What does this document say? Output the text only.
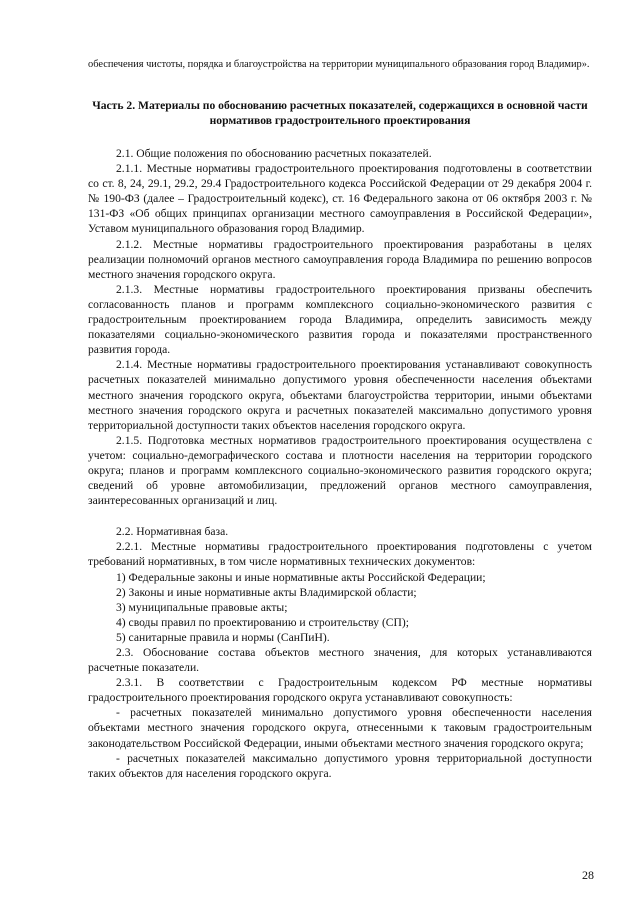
обеспечения чистоты, порядка и благоустройства на территории муниципального образования город Владимир».

Часть 2. Материалы по обоснованию расчетных показателей, содержащихся в основной части нормативов градостроительного проектирования

2.1. Общие положения по обоснованию расчетных показателей.

2.1.1. Местные нормативы градостроительного проектирования подготовлены в соответствии со ст. 8, 24, 29.1, 29.2, 29.4 Градостроительного кодекса Российской Федерации от 29 декабря 2004 г. № 190-ФЗ (далее – Градостроительный кодекс), ст. 16 Федерального закона от 06 октября 2003 г. № 131-ФЗ «Об общих принципах организации местного самоуправления в Российской Федерации», Уставом муниципального образования город Владимир.

2.1.2. Местные нормативы градостроительного проектирования разработаны в целях реализации полномочий органов местного самоуправления города Владимира по решению вопросов местного значения городского округа.

2.1.3. Местные нормативы градостроительного проектирования призваны обеспечить согласованность планов и программ комплексного социально-экономического развития с градостроительным проектированием города Владимира, определить зависимость между показателями социально-экономического развития города и показателями пространственного развития города.

2.1.4. Местные нормативы градостроительного проектирования устанавливают совокупность расчетных показателей минимально допустимого уровня обеспеченности населения объектами местного значения городского округа, объектами благоустройства территории, иными объектами местного значения городского округа и расчетных показателей максимально допустимого уровня территориальной доступности таких объектов населения городского округа.

2.1.5. Подготовка местных нормативов градостроительного проектирования осуществлена с учетом: социально-демографического состава и плотности населения на территории городского округа; планов и программ комплексного социально-экономического развития городского округа; сведений об уровне автомобилизации, предложений органов местного самоуправления, заинтересованных организаций и лиц.

2.2. Нормативная база.

2.2.1. Местные нормативы градостроительного проектирования подготовлены с учетом требований нормативных, в том числе нормативных технических документов:

1) Федеральные законы и иные нормативные акты Российской Федерации;

2) Законы и иные нормативные акты Владимирской области;

3) муниципальные правовые акты;

4) своды правил по проектированию и строительству (СП);

5) санитарные правила и нормы (СанПиН).

2.3. Обоснование состава объектов местного значения, для которых устанавливаются расчетные показатели.

2.3.1. В соответствии с Градостроительным кодексом РФ местные нормативы градостроительного проектирования городского округа устанавливают совокупность:

- расчетных показателей минимально допустимого уровня обеспеченности населения объектами местного значения городского округа, отнесенными к таковым градостроительным законодательством Российской Федерации, иными объектами местного значения городского округа;

- расчетных показателей максимально допустимого уровня территориальной доступности таких объектов для населения городского округа.

28
